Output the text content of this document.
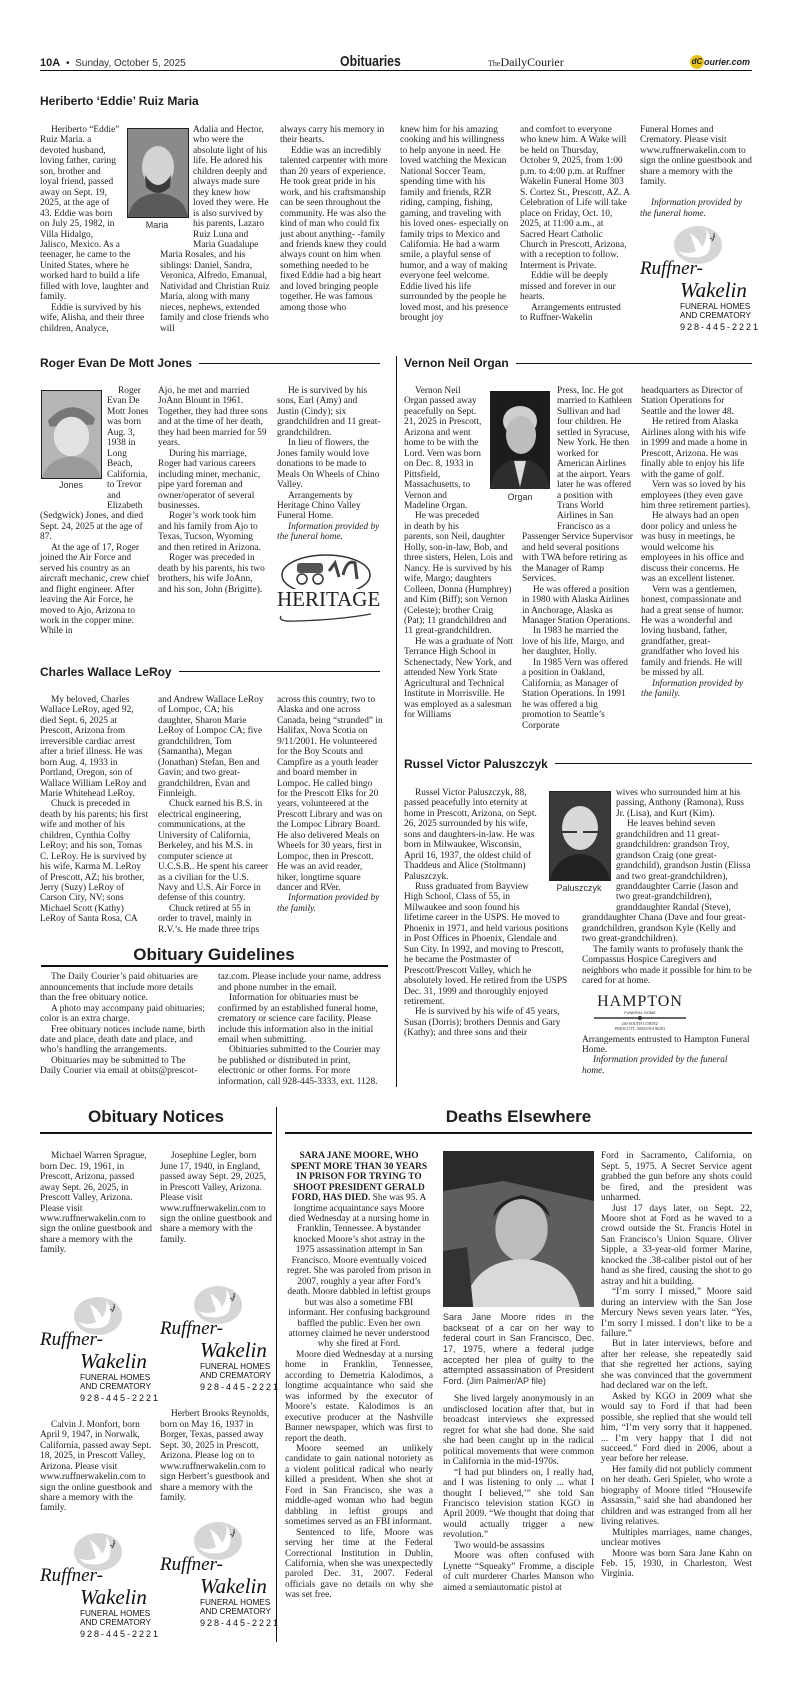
10A • Sunday, October 5, 2025	Obituaries	TheDailyCourier	dC ourier.com
Heriberto ‘Eddie’ Ruiz Maria

Heriberto “Eddie” Ruiz Maria. a devoted husband, loving father, caring son, brother and loyal friend, passed away on Sept. 19, 2025, at the age of 43. Eddie was born on July 25, 1982, in Villa Hidalgo, Jalisco, Mexico. As a teenager, he came to the United States, where he worked hard to build a life filled with love, laughter and family.

Eddie is survived by his wife, Alisha, and their three children, Analyce,

Adalia and Hector, who were the absolute light of his life. He adored his children deeply and always made sure they knew how loved they were. He is also survived by his parents, Lazaro Ruiz Luna and Maria Guadalupe Maria Rosales, and his siblings: Daniel, Sandra, Veronica, Alfredo, Emanual, Natividad and Christian Ruiz Maria, along with many nieces, nephews, extended family and close friends who will

always carry his memory in their hearts.

Eddie was an incredibly talented carpenter with more than 20 years of experience. He took great pride in his work, and his craftsmanship can be seen throughout the community. He was also the kind of man who could fix just about anything- -family and friends knew they could always count on him when something needed to be fixed Eddie had a big heart and loved bringing people together. He was famous among those who

knew him for his amazing cooking and his willingness to help anyone in need. He loved watching the Mexican National Soccer Team, spending time with his family and friends, RZR riding, camping, fishing, gaming, and traveling with his loved ones- especially on family trips to Mexico and California. He had a warm smile, a playful sense of humor, and a way of making everyone feel welcome. Eddie lived his life surrounded by the people he loved most, and his presence brought joy

and comfort to everyone who knew him. A Wake will be held on Thursday, October 9, 2025, from 1:00 p.m. to 4:00 p.m. at Ruffner Wakelin Funeral Home 303 S. Cortez St., Prescott, AZ. A Celebration of Life will take place on Friday, Oct. 10, 2025, at 11:00 a.m., at Sacred Heart Catholic Church in Prescott, Arizona, with a reception to follow. Interment is Private.

Eddie will be deeply missed and forever in our hearts.

Arrangements entrusted to Ruffner-Wakelin

Funeral Homes and Crematory. Please visit www.ruffnerwakelin.com to sign the online guestbook and share a memory with the family.

Information provided by the funeral home.

Ruffner-
Wakelin
FUNERAL HOMES
AND CREMATORY
928-445-2221
Maria
Roger Evan De Mott Jones

Roger Evan De Mott Jones was born Aug. 3, 1938 in Long Beach, California, to Trevor and Elizabeth (Sedgwick) Jones, and died Sept. 24, 2025 at the age of 87.

At the age of 17, Roger joined the Air Force and served his country as an aircraft mechanic, crew chief and flight engineer. After leaving the Air Force, he moved to Ajo, Arizona to work in the copper mine. While in

Ajo, he met and married JoAnn Blount in 1961. Together, they had three sons and at the time of her death, they had been married for 59 years.

During his marriage, Roger had various careers including miner, mechanic, pipe yard foreman and owner/operator of several businesses.

Roger’s work took him and his family from Ajo to Texas, Tucson, Wyoming and then retired in Arizona.

Roger was preceded in death by his parents, his two brothers, his wife JoAnn, and his son, John (Brigitte).

He is survived by his sons, Earl (Amy) and Justin (Cindy); six grandchildren and 11 great-grandchildren.

In lieu of flowers, the Jones family would love donations to be made to Meals On Wheels of Chino Valley.

Arrangements by Heritage Chino Valley Funeral Home.

Information provided by the funeral home.

HERITAGE
Jones
Charles Wallace LeRoy

My beloved, Charles Wallace LeRoy, aged 92, died Sept. 6, 2025 at Prescott, Arizona from irreversible cardiac arrest after a brief illness. He was born Aug. 4, 1933 in Portland, Oregon, son of Wallace William LeRoy and Marie Whitehead LeRoy.

Chuck is preceded in death by his parents; his first wife and mother of his children, Cynthia Colby LeRoy; and his son, Tomas C. LeRoy. He is survived by his wife, Karma M. LeRoy of Prescott, AZ; his brother, Jerry (Suzy) LeRoy of Carson City, NV; sons Michael Scott (Kathy) LeRoy of Santa Rosa, CA

and Andrew Wallace LeRoy of Lompoc, CA; his daughter, Sharon Marie LeRoy of Lompoc CA; five grandchildren, Tom (Samantha), Megan (Jonathan) Stefan, Ben and Gavin; and two great-grandchildren, Evan and Finnleigh.

Chuck earned his B.S. in electrical engineering, communications, at the University of California, Berkeley, and his M.S. in computer science at U.C.S.B.. He spent his career as a civilian for the U.S. Navy and U.S. Air Force in defense of this country.

Chuck retired at 55 in order to travel, mainly in R.V.’s. He made three trips

across this country, two to Alaska and one across Canada, being “stranded” in Halifax, Nova Scotia on 9/11/2001. He volunteered for the Boy Scouts and Campfire as a youth leader and board member in Lompoc. He called bingo for the Prescott Elks for 20 years, volunteered at the Prescott Library and was on the Lompoc Library Board. He also delivered Meals on Wheels for 30 years, first in Lompoc, then in Prescott. He was an avid reader, hiker, longtime square dancer and RVer.

Information provided by the family.

Obituary Guidelines

The Daily Courier’s paid obituaries are announcements that include more details than the free obituary notice.

A photo may accompany paid obituaries; color is an extra charge.

Free obituary notices include name, birth date and place, death date and place, and who’s handling the arrangements.

Obituaries may be submitted to The Daily Courier via email at obits@prescot-

taz.com. Please include your name, address and phone number in the email.

Information for obituaries must be confirmed by an established funeral home, crematory or science care facility. Please include this information also in the initial email when submitting.

Obituaries submitted to the Courier may be published or distributed in print, electronic or other forms. For more information, call 928-445-3333, ext. 1128.

Vernon Neil Organ

Vernon Neil Organ passed away peacefully on Sept. 21, 2025 in Prescott, Arizona and went home to be with the Lord. Vern was born on Dec. 8, 1933 in Pittsfield, Massachusetts, to Vernon and Madeline Organ.

He was preceded in death by his parents, son Neil, daughter Holly, son-in-law, Bob, and three sisters, Helen, Lois and Nancy. He is survived by his wife, Margo; daughters Colleen, Donna (Humphrey) and Kim (Biff); son Vernon (Celeste); brother Craig (Pat); 11 grandchildren and 11 great-grandchildren.

He was a graduate of Nott Terrance High School in Schenectady, New York, and attended New York State Agricultural and Technical Institute in Morrisville. He was employed as a salesman for Williams

Press, Inc. He got married to Kathleen Sullivan and had four children. He settled in Syracuse, New York. He then worked for American Airlines at the airport. Years later he was offered a position with Trans World Airlines in San Francisco as a Passenger Service Supervisor and held several positions with TWA before retiring as the Manager of Ramp Services.

He was offered a position in 1980 with Alaska Airlines in Anchorage, Alaska as Manager Station Operations.

In 1983 he married the love of his life, Margo, and her daughter, Holly.

In 1985 Vern was offered a position in Oakland, California, as Manager of Station Operations. In 1991 he was offered a big promotion to Seattle’s Corporate

headquarters as Director of Station Operations for Seattle and the lower 48.

He retired from Alaska Airlines along with his wife in 1999 and made a home in Prescott, Arizona. He was finally able to enjoy his life with the game of golf.

Vern was so loved by his employees (they even gave him three retirement parties).

He always had an open door policy and unless he was busy in meetings, he would welcome his employees in his office and discuss their concerns. He was an excellent listener.

Vern was a gentlemen, honest, compassionate and had a great sense of humor. He was a wonderful and loving husband, father, grandfather, great-grandfather who loved his family and friends. He will be missed by all.

Information provided by the family.

Organ
Russel Victor Paluszczyk

Russel Victor Paluszczyk, 88, passed peacefully into eternity at home in Prescott, Arizona, on Sept. 26, 2025 surrounded by his wife, sons and daughters-in-law. He was born in Milwaukee, Wisconsin, April 16, 1937, the oldest child of Thaddeus and Alice (Stoltmann) Paluszczyk.

Russ graduated from Bayview High School, Class of 55, in Milwaukee and soon found his lifetime career in the USPS. He moved to Phoenix in 1971, and held various positions in Post Offices in Phoenix, Glendale and Sun City. In 1992, and moving to Prescott, he became the Postmaster of Prescott/Prescott Valley, which he absolutely loved. He retired from the USPS Dec. 31, 1999 and thoroughly enjoyed retirement.

He is survived by his wife of 45 years, Susan (Dorris); brothers Dennis and Gary (Kathy); and three sons and their

wives who surrounded him at his passing, Anthony (Ramona), Russ Jr. (Lisa), and Kurt (Kim).

He leaves behind seven grandchildren and 11 great-grandchildren: grandson Troy, grandson Craig (one great-grandchild), grandson Justin (Elissa and two great-grandchildren), granddaughter Carrie (Jason and two great-grandchildren), granddaughter Randal (Steve), granddaughter Chana (Dave and four great-grandchildren, grandson Kyle (Kelly and two great-grandchildren).

The family wants to profusely thank the Compassus Hospice Caregivers and neighbors who made it possible for him to be cared for at home.

HAMPTON
FUNERAL HOME
240 SOUTH CORTEZ
PRESCOTT, ARIZONA 86303

Arrangements entrusted to Hampton Funeral Home.

Information provided by the funeral home.

Paluszczyk
Obituary Notices

Michael Warren Sprague, born Dec. 19, 1961, in Prescott, Arizona, passed away Sept. 26, 2025, in Prescott Valley, Arizona. Please visit www.ruffnerwakelin.com to sign the online guestbook and share a memory with the family.

Ruffner-
Wakelin
FUNERAL HOMES
AND CREMATORY
928-445-2221

Calvin J. Monfort, born April 9, 1947, in Norwalk, California, passed away Sept. 18, 2025, in Prescott Valley, Arizona. Please visit www.ruffnerwakelin.com to sign the online guestbook and share a memory with the family.

Ruffner-
Wakelin
FUNERAL HOMES
AND CREMATORY
928-445-2221

Josephine Legler, born June 17, 1940, in England, passed away Sept. 29, 2025, in Prescott Valley, Arizona. Please visit www.ruffnerwakelin.com to sign the online guestbook and share a memory with the family.

Ruffner-
Wakelin
FUNERAL HOMES
AND CREMATORY
928-445-2221

Herbert Brooks Reynolds, born on May 16, 1937 in Borger, Texas, passed away Sept. 30, 2025 in Prescott, Arizona. Please log on to www.ruffnerwakelin.com to sign Herbert’s guestbook and share a memory with the family.

Ruffner-
Wakelin
FUNERAL HOMES
AND CREMATORY
928-445-2221
Deaths Elsewhere

SARA JANE MOORE, WHO SPENT MORE THAN 30 YEARS IN PRISON FOR TRYING TO SHOOT PRESIDENT GERALD FORD, HAS DIED. She was 95. A longtime acquaintance says Moore died Wednesday at a nursing home in Franklin, Tennessee. A bystander knocked Moore’s shot astray in the 1975 assassination attempt in San Francisco. Moore eventually voiced regret. She was paroled from prison in 2007, roughly a year after Ford’s death. Moore dabbled in leftist groups but was also a sometime FBI informant. Her confusing background baffled the public. Even her own attorney claimed he never understood why she fired at Ford.

Moore died Wednesday at a nursing home in Franklin, Tennessee, according to Demetria Kalodimos, a longtime acquaintance who said she was informed by the executor of Moore’s estate. Kalodimos is an executive producer at the Nashville Banner newspaper, which was first to report the death.

Moore seemed an unlikely candidate to gain national notoriety as a violent political radical who nearly killed a president. When she shot at Ford in San Francisco, she was a middle-aged woman who had begun dabbling in leftist groups and sometimes served as an FBI informant.

Sentenced to life, Moore was serving her time at the Federal Correctional Institution in Dublin, California, when she was unexpectedly paroled Dec. 31, 2007. Federal officials gave no details on why she was set free.

Sara Jane Moore rides in the backseat of a car on her way to federal court in San Francisco, Dec. 17, 1975, where a federal judge accepted her plea of guilty to the attempted assassination of President Ford. (Jim Palmer/AP file)

She lived largely anonymously in an undisclosed location after that, but in broadcast interviews she expressed regret for what she had done. She said she had been caught up in the radical political movements that were common in California in the mid-1970s.

“I had put blinders on, I really had, and I was listening to only ... what I thought I believed,’” she told San Francisco television station KGO in April 2009. “We thought that doing that would actually trigger a new revolution.”

Two would-be assassins

Moore was often confused with Lynette “Squeaky” Fromme, a disciple of cult murderer Charles Manson who aimed a semiautomatic pistol at

Ford in Sacramento, California, on Sept. 5, 1975. A Secret Service agent grabbed the gun before any shots could be fired, and the president was unharmed.

Just 17 days later, on Sept. 22, Moore shot at Ford as he waved to a crowd outside the St. Francis Hotel in San Francisco’s Union Square. Oliver Sipple, a 33-year-old former Marine, knocked the .38-caliber pistol out of her hand as she fired, causing the shot to go astray and hit a building.

“I’m sorry I missed,” Moore said during an interview with the San Jose Mercury News seven years later. “Yes, I’m sorry I missed. I don’t like to be a failure.”

But in later interviews, before and after her release, she repeatedly said that she regretted her actions, saying she was convinced that the government had declared war on the left.

Asked by KGO in 2009 what she would say to Ford if that had been possible, she replied that she would tell him, “I’m very sorry that it happened. ... I’m very happy that I did not succeed.” Ford died in 2006, about a year before her release.

Her family did not publicly comment on her death. Geri Spieler, who wrote a biography of Moore titled “Housewife Assassin,” said she had abandoned her children and was estranged from all her living relatives.

Multiples marriages, name changes, unclear motives

Moore was born Sara Jane Kahn on Feb. 15, 1930, in Charleston, West Virginia.
